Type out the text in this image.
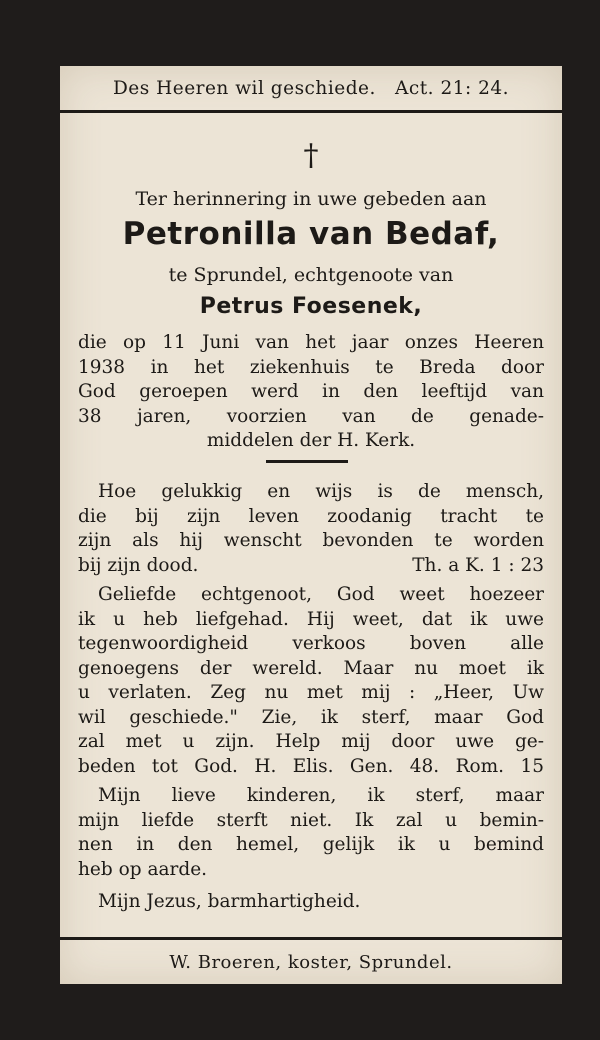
Des Heeren wil geschiede.
Act. 21: 24.
†
Ter herinnering in uwe gebeden aan
Petronilla van Bedaf,
te Sprundel, echtgenoote van
Petrus Foesenek,
die op 11 Juni van het jaar onzes Heeren
1938 in het ziekenhuis te Breda door
God geroepen werd in den leeftijd van
38 jaren, voorzien van de genade-
middelen der H. Kerk.
Hoe gelukkig en wijs is de mensch,
die bij zijn leven zoodanig tracht te
zijn als hij wenscht bevonden te worden
bij zijn dood.	Th. a K. 1 : 23
Geliefde echtgenoot, God weet hoezeer
ik u heb liefgehad. Hij weet, dat ik uwe
tegenwoordigheid verkoos boven alle
genoegens der wereld. Maar nu moet ik
u verlaten. Zeg nu met mij : „Heer, Uw
wil geschiede." Zie, ik sterf, maar God
zal met u zijn. Help mij door uwe ge-
beden tot God. H. Elis. Gen. 48. Rom. 15
Mijn lieve kinderen, ik sterf, maar
mijn liefde sterft niet. Ik zal u bemin-
nen in den hemel, gelijk ik u bemind
heb op aarde.
Mijn Jezus, barmhartigheid.
W. Broeren, koster, Sprundel.
